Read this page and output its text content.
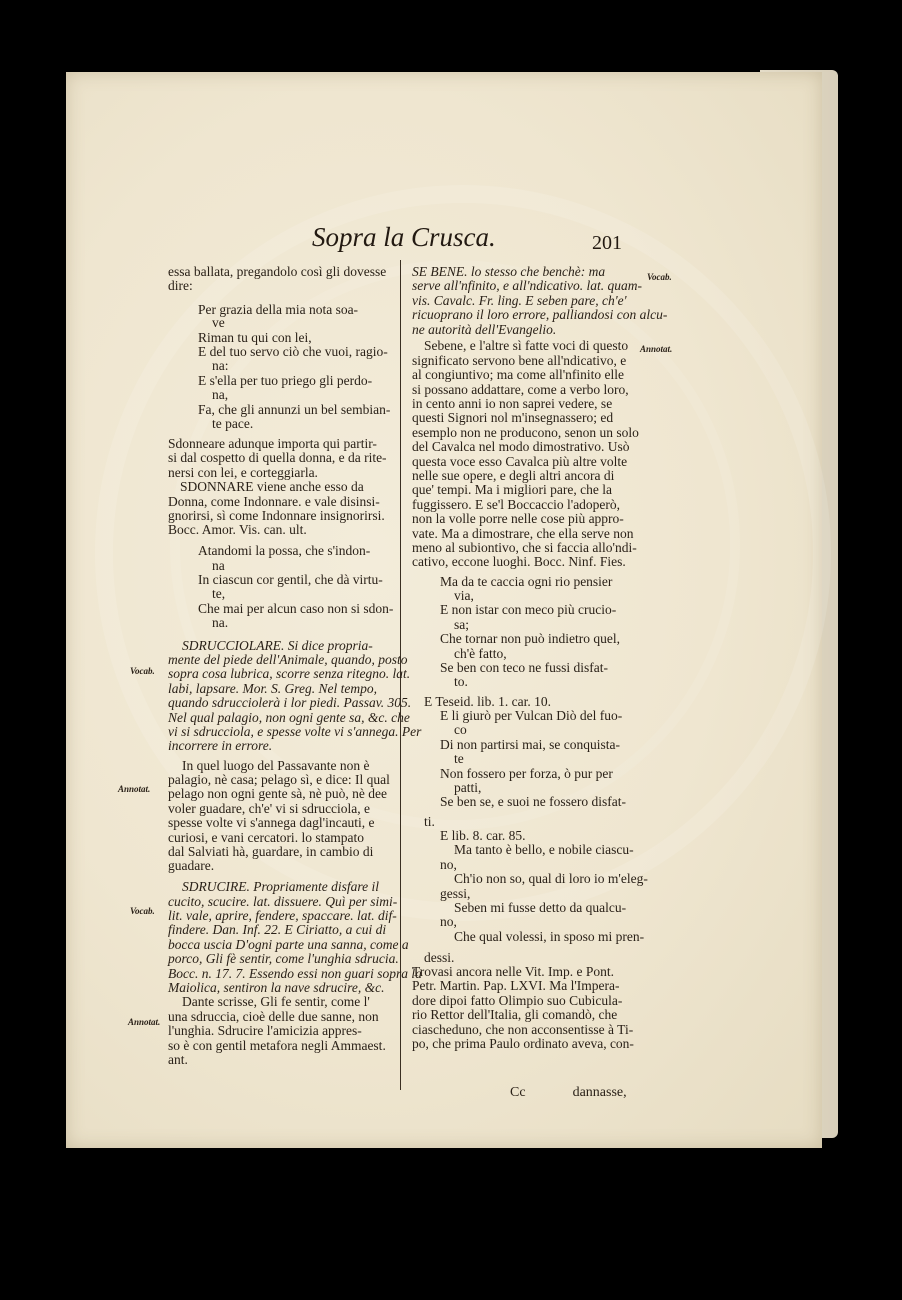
Sopra la Crusca.	201
essa ballata, pregandolo così gli dovesse
dire:
Per grazia della mia nota soa-
ve
Riman tu qui con lei,
E del tuo servo ciò che vuoi, ragio-
na:
E s'ella per tuo priego gli perdo-
na,
Fa, che gli annunzi un bel sembian-
te pace.
Sdonneare adunque importa qui partir-
si dal cospetto di quella donna, e da rite-
nersi con lei, e corteggiarla.
SDONNARE viene anche esso da
Donna, come Indonnare. e vale disinsi-
gnorirsi, sì come Indonnare insignorirsi.
Bocc. Amor. Vis. can. ult.
Atandomi la possa, che s'indon-
na
In ciascun cor gentil, che dà virtu-
te,
Che mai per alcun caso non si sdon-
na.
SDRUCCIOLARE. Si dice propria-
mente del piede dell'Animale, quando, posto
sopra cosa lubrica, scorre senza ritegno. lat.
labi, lapsare. Mor. S. Greg. Nel tempo,
quando sdrucciolerà i lor piedi. Passav. 305.
Nel qual palagio, non ogni gente sa, &c. che
vi si sdrucciola, e spesse volte vi s'annega. Per
incorrere in errore.
In quel luogo del Passavante non è
palagio, nè casa; pelago sì, e dice: Il qual
pelago non ogni gente sà, nè può, nè dee
voler guadare, ch'e' vi si sdrucciola, e
spesse volte vi s'annega dagl'incauti, e
curiosi, e vani cercatori. lo stampato
dal Salviati hà, guardare, in cambio di
guadare.
SDRUCIRE. Propriamente disfare il
cucito, scucire. lat. dissuere. Quì per simi-
lit. vale, aprire, fendere, spaccare. lat. dif-
findere. Dan. Inf. 22. E Ciriatto, a cui di
bocca uscia D'ogni parte una sanna, come a
porco, Gli fè sentir, come l'unghia sdrucia.
Bocc. n. 17. 7. Essendo essi non guari sopra la
Maiolica, sentiron la nave sdrucire, &c.
Dante scrisse, Gli fe sentir, come l'
una sdruccia, cioè delle due sanne, non
l'unghia. Sdrucire l'amicizia appres-
so è con gentil metafora negli Ammaest.
ant.
SE BENE. lo stesso che benchè: ma
serve all'nfinito, e all'ndicativo. lat. quam-
vis. Cavalc. Fr. ling. E seben pare, ch'e'
ricuoprano il loro errore, palliandosi con alcu-
ne autorità dell'Evangelio.
Sebene, e l'altre sì fatte voci di questo
significato servono bene all'ndicativo, e
al congiuntivo; ma come all'nfinito elle
si possano addattare, come a verbo loro,
in cento anni io non saprei vedere, se
questi Signori nol m'insegnassero; ed
esemplo non ne producono, senon un solo
del Cavalca nel modo dimostrativo. Usò
questa voce esso Cavalca più altre volte
nelle sue opere, e degli altri ancora di
que' tempi. Ma i migliori pare, che la
fuggissero. E se'l Boccaccio l'adoperò,
non la volle porre nelle cose più appro-
vate. Ma a dimostrare, che ella serve non
meno al subiontivo, che si faccia allo'ndi-
cativo, eccone luoghi. Bocc. Ninf. Fies.
Ma da te caccia ogni rio pensier
via,
E non istar con meco più crucio-
sa;
Che tornar non può indietro quel,
ch'è fatto,
Se ben con teco ne fussi disfat-
to.
E Teseid. lib. 1. car. 10.
E li giurò per Vulcan Diò del fuo-
co
Di non partirsi mai, se conquista-
te
Non fossero per forza, ò pur per
patti,
Se ben se, e suoi ne fossero disfat-
ti.
E lib. 8. car. 85.
Ma tanto è bello, e nobile ciascu-
no,
Ch'io non so, qual di loro io m'eleg-
gessi,
Seben mi fusse detto da qualcu-
no,
Che qual volessi, in sposo mi pren-
dessi.
Trovasi ancora nelle Vit. Imp. e Pont.
Petr. Martin. Pap. LXVI. Ma l'Impera-
dore dipoi fatto Olimpio suo Cubicula-
rio Rettor dell'Italia, gli comandò, che
ciascheduno, che non acconsentisse à Ti-
po, che prima Paulo ordinato aveva, con-
Vocab.
Annotat.
Vocab.
Annotat.
Vocab.
Annotat.
Cc	dannasse,
